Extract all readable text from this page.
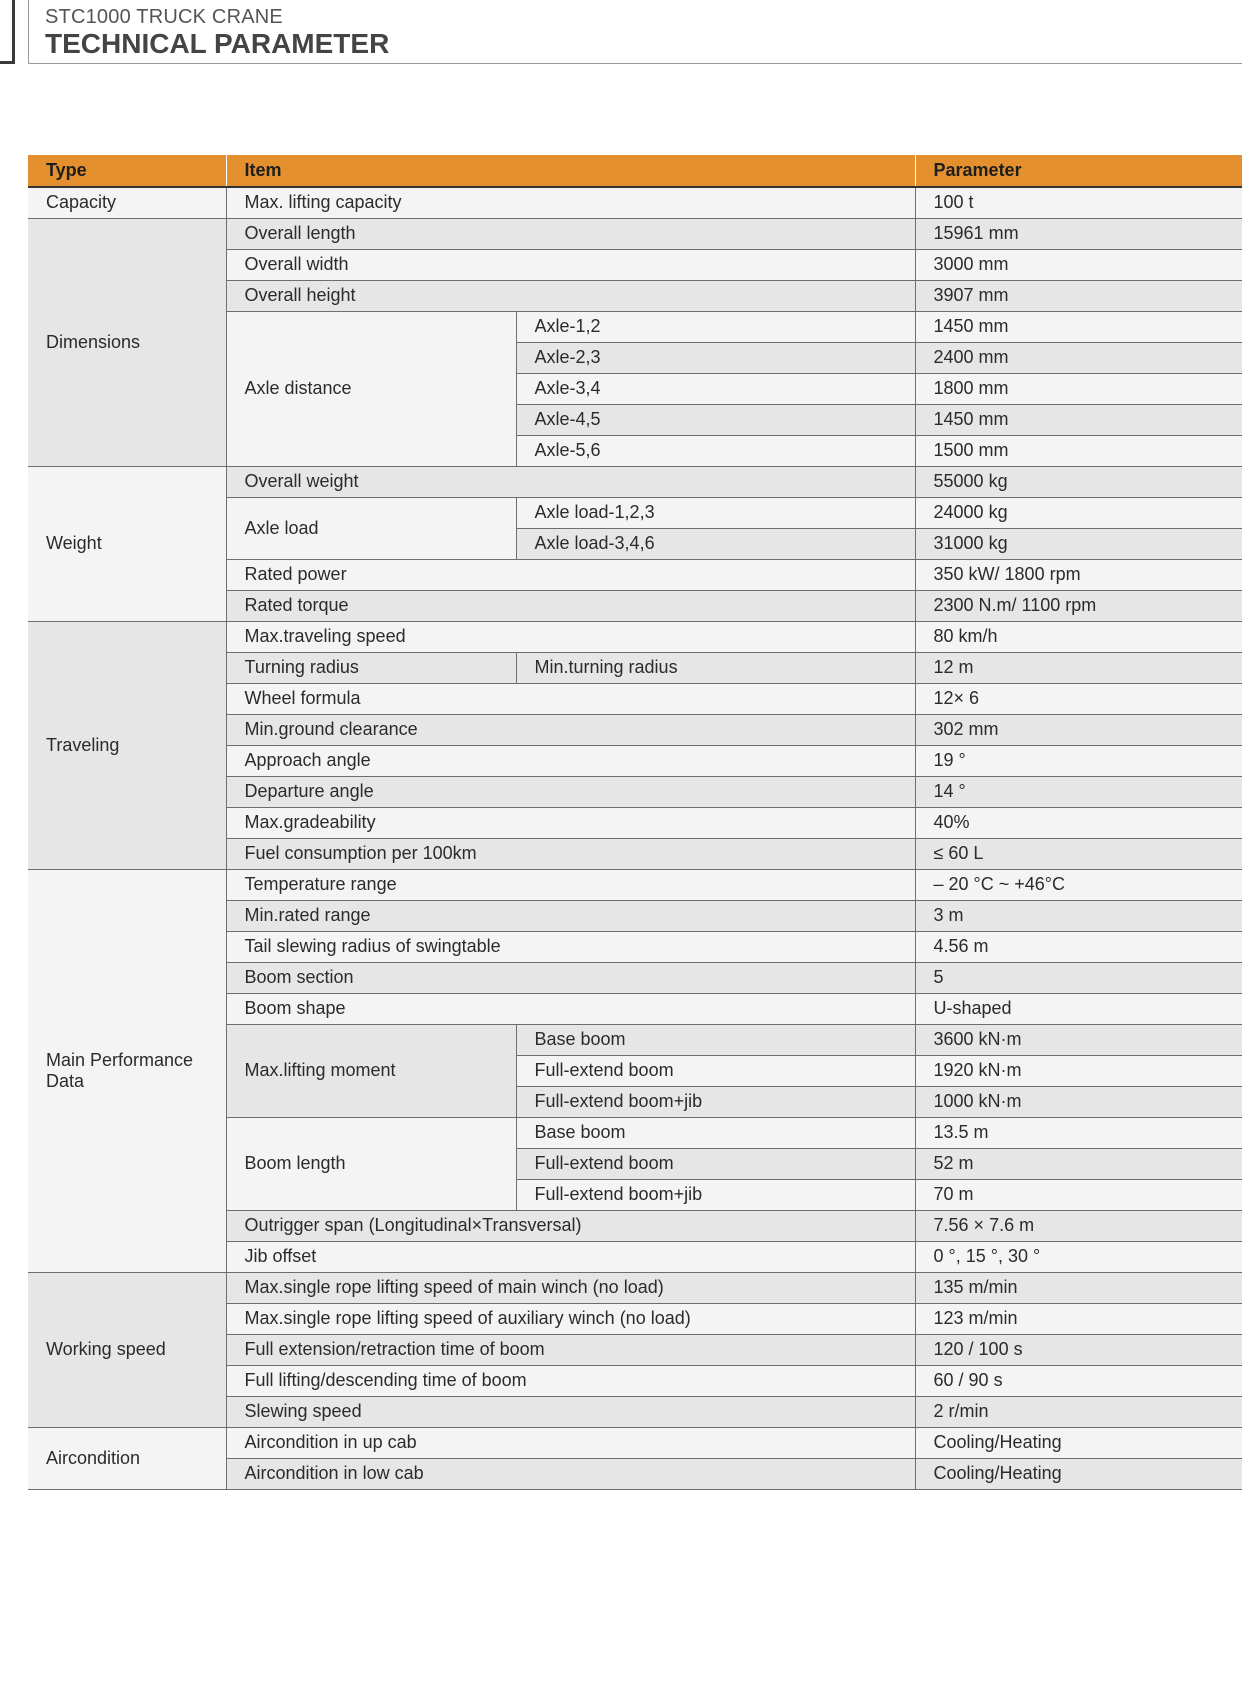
STC1000 TRUCK CRANE
TECHNICAL PARAMETER
Type	Item		Parameter
Capacity	Max. lifting capacity		100 t
Dimensions	Overall length		15961 mm
	Overall width		3000 mm
	Overall height		3907 mm
	Axle distance	Axle-1,2	1450 mm
		Axle-2,3	2400 mm
		Axle-3,4	1800 mm
		Axle-4,5	1450 mm
		Axle-5,6	1500 mm
Weight	Overall weight		55000 kg
	Axle load	Axle load-1,2,3	24000 kg
		Axle load-3,4,6	31000 kg
	Rated power		350 kW/ 1800 rpm
	Rated torque		2300 N.m/ 1100 rpm
Traveling	Max.traveling speed		80 km/h
	Turning radius	Min.turning radius	12 m
	Wheel formula		12× 6
	Min.ground clearance		302 mm
	Approach angle		19 °
	Departure angle		14 °
	Max.gradeability		40%
	Fuel consumption per 100km		≤ 60 L
Main Performance Data	Temperature range		– 20 °C ~ +46°C
	Min.rated range		3 m
	Tail slewing radius of swingtable		4.56 m
	Boom section		5
	Boom shape		U-shaped
	Max.lifting moment	Base boom	3600 kN·m
		Full-extend boom	1920 kN·m
		Full-extend boom+jib	1000 kN·m
	Boom length	Base boom	13.5 m
		Full-extend boom	52 m
		Full-extend boom+jib	70 m
	Outrigger span (Longitudinal×Transversal)		7.56 × 7.6 m
	Jib offset		0 °, 15 °, 30 °
Working speed	Max.single rope lifting speed of main winch (no load)		135 m/min
	Max.single rope lifting speed of auxiliary winch (no load)		123 m/min
	Full extension/retraction time of boom		120 / 100 s
	Full lifting/descending time of boom		60 / 90 s
	Slewing speed		2 r/min
Aircondition	Aircondition in up cab		Cooling/Heating
	Aircondition in low cab		Cooling/Heating
